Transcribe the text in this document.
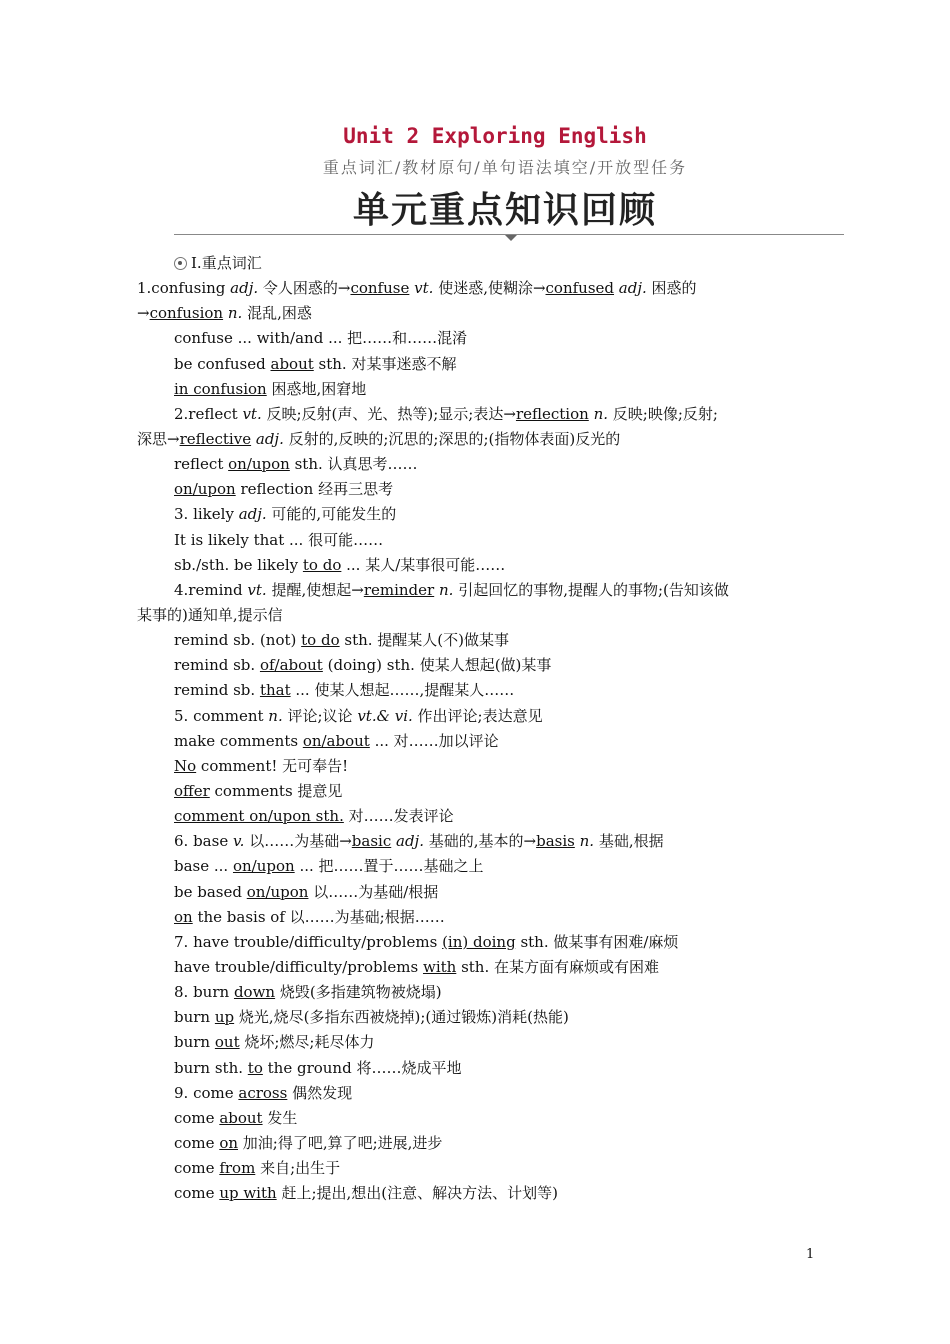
Unit 2 Exploring English
重点词汇/教材原句/单句语法填空/开放型任务
单元重点知识回顾
Ⅰ.重点词汇
1.confusing adj. 令人困惑的→confuse vt. 使迷惑,使糊涂→confused adj. 困惑的
→confusion n. 混乱,困惑
confuse ... with/and ... 把……和……混淆
be confused about sth. 对某事迷惑不解
in confusion 困惑地,困窘地
2.reflect vt. 反映;反射(声、光、热等);显示;表达→reflection n. 反映;映像;反射;
深思→reflective adj. 反射的,反映的;沉思的;深思的;(指物体表面)反光的
reflect on/upon sth. 认真思考……
on/upon reflection 经再三思考
3. likely adj. 可能的,可能发生的
It is likely that ... 很可能……
sb./sth. be likely to do ... 某人/某事很可能……
4.remind vt. 提醒,使想起→reminder n. 引起回忆的事物,提醒人的事物;(告知该做
某事的)通知单,提示信
remind sb. (not) to do sth. 提醒某人(不)做某事
remind sb. of/about (doing) sth. 使某人想起(做)某事
remind sb. that ... 使某人想起……,提醒某人……
5. comment n. 评论;议论 vt.& vi. 作出评论;表达意见
make comments on/about ... 对……加以评论
No comment! 无可奉告!
offer comments 提意见
comment on/upon sth. 对……发表评论
6. base v. 以……为基础→basic adj. 基础的,基本的→basis n. 基础,根据
base ... on/upon ... 把……置于……基础之上
be based on/upon 以……为基础/根据
on the basis of 以……为基础;根据……
7. have trouble/difficulty/problems (in) doing sth. 做某事有困难/麻烦
have trouble/difficulty/problems with sth. 在某方面有麻烦或有困难
8. burn down 烧毁(多指建筑物被烧塌)
burn up 烧光,烧尽(多指东西被烧掉);(通过锻炼)消耗(热能)
burn out 烧坏;燃尽;耗尽体力
burn sth. to the ground 将……烧成平地
9. come across 偶然发现
come about 发生
come on 加油;得了吧,算了吧;进展,进步
come from 来自;出生于
come up with 赶上;提出,想出(注意、解决方法、计划等)
1
